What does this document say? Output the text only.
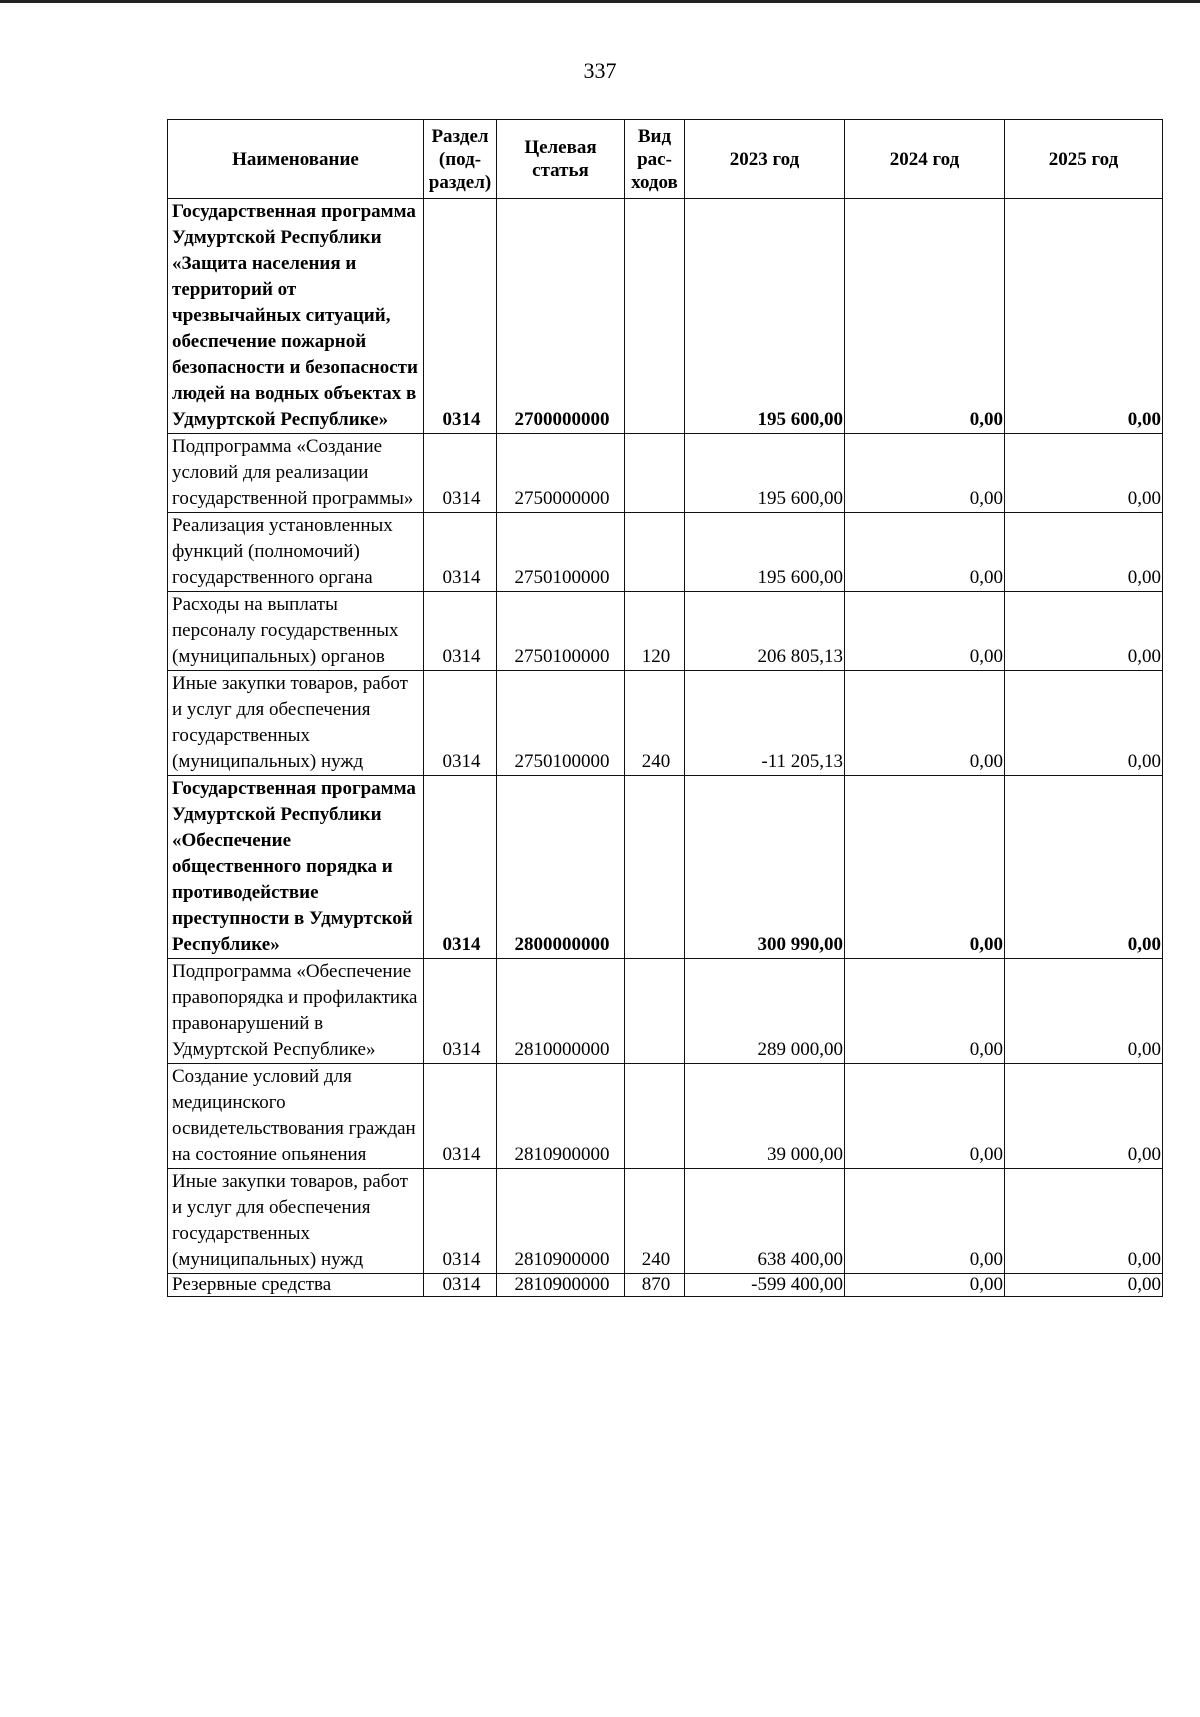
337
Наименование	Раздел (под-раздел)	Целевая статья	Вид рас-ходов	2023 год	2024 год	2025 год
Государственная программа Удмуртской Республики «Защита населения и территорий от чрезвычайных ситуаций, обеспечение пожарной безопасности и безопасности людей на водных объектах в Удмуртской Республике»	0314	2700000000		195 600,00	0,00	0,00
Подпрограмма «Создание условий для реализации государственной программы»	0314	2750000000		195 600,00	0,00	0,00
Реализация установленных функций (полномочий) государственного органа	0314	2750100000		195 600,00	0,00	0,00
Расходы на выплаты персоналу государственных (муниципальных) органов	0314	2750100000	120	206 805,13	0,00	0,00
Иные закупки товаров, работ и услуг для обеспечения государственных (муниципальных) нужд	0314	2750100000	240	-11 205,13	0,00	0,00
Государственная программа Удмуртской Республики «Обеспечение общественного порядка и противодействие преступности в Удмуртской Республике»	0314	2800000000		300 990,00	0,00	0,00
Подпрограмма «Обеспечение правопорядка и профилактика правонарушений в Удмуртской Республике»	0314	2810000000		289 000,00	0,00	0,00
Создание условий для медицинского освидетельствования граждан на состояние опьянения	0314	2810900000		39 000,00	0,00	0,00
Иные закупки товаров, работ и услуг для обеспечения государственных (муниципальных) нужд	0314	2810900000	240	638 400,00	0,00	0,00
Резервные средства	0314	2810900000	870	-599 400,00	0,00	0,00
